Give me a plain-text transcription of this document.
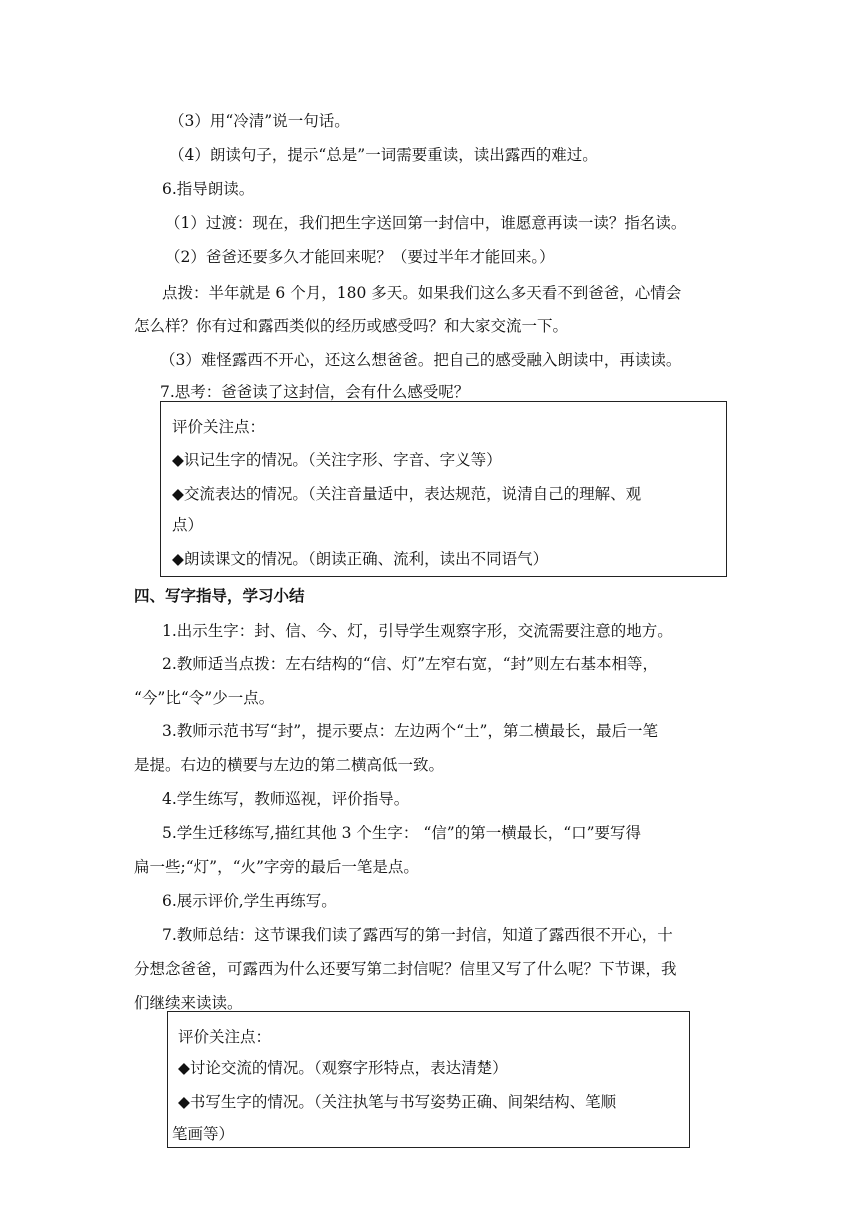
（3）用“冷清”说一句话。
（4）朗读句子，提示“总是”一词需要重读，读出露西的难过。
6.指导朗读。
（1）过渡：现在，我们把生字送回第一封信中，谁愿意再读一读？指名读。
（2）爸爸还要多久才能回来呢？（要过半年才能回来。）
点拨：半年就是 6 个月，180 多天。如果我们这么多天看不到爸爸，心情会
怎么样？你有过和露西类似的经历或感受吗？和大家交流一下。
（3）难怪露西不开心，还这么想爸爸。把自己的感受融入朗读中，再读读。
7.思考：爸爸读了这封信，会有什么感受呢？
评价关注点：
◆识记生字的情况。（关注字形、字音、字义等）
◆交流表达的情况。（关注音量适中，表达规范，说清自己的理解、观
点）
◆朗读课文的情况。（朗读正确、流利，读出不同语气）
四、写字指导，学习小结
1.出示生字：封、信、今、灯，引导学生观察字形，交流需要注意的地方。
2.教师适当点拨：左右结构的“信、灯”左窄右宽，“封”则左右基本相等，
“今”比“令”少一点。
3.教师示范书写“封”，提示要点：左边两个“土”，第二横最长，最后一笔
是提。右边的横要与左边的第二横高低一致。
4.学生练写，教师巡视，评价指导。
5.学生迁移练写,描红其他 3 个生字： “信”的第一横最长，“口”要写得
扁一些;“灯”，“火”字旁的最后一笔是点。
6.展示评价,学生再练写。
7.教师总结：这节课我们读了露西写的第一封信，知道了露西很不开心，十
分想念爸爸，可露西为什么还要写第二封信呢？信里又写了什么呢？下节课，我
们继续来读读。
评价关注点：
◆讨论交流的情况。（观察字形特点，表达清楚）
◆书写生字的情况。（关注执笔与书写姿势正确、间架结构、笔顺
笔画等）
